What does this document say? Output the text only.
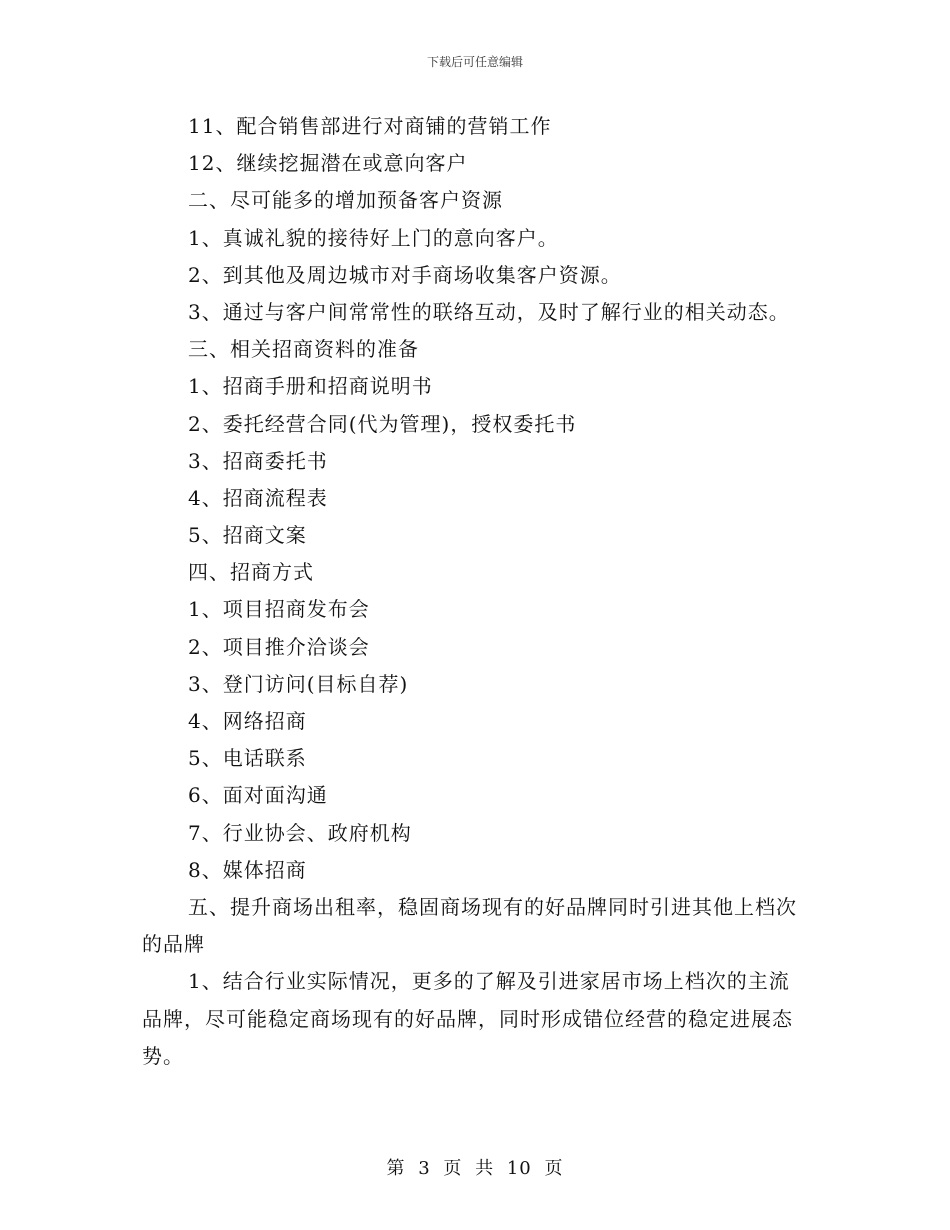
下载后可任意编辑
11、配合销售部进行对商铺的营销工作
12、继续挖掘潜在或意向客户
二、尽可能多的增加预备客户资源
1、真诚礼貌的接待好上门的意向客户。
2、到其他及周边城市对手商场收集客户资源。
3、通过与客户间常常性的联络互动，及时了解行业的相关动态。
三、相关招商资料的准备
1、招商手册和招商说明书
2、委托经营合同(代为管理)，授权委托书
3、招商委托书
4、招商流程表
5、招商文案
四、招商方式
1、项目招商发布会
2、项目推介洽谈会
3、登门访问(目标自荐)
4、网络招商
5、电话联系
6、面对面沟通
7、行业协会、政府机构
8、媒体招商

五、提升商场出租率，稳固商场现有的好品牌同时引进其他上档次的品牌

1、结合行业实际情况，更多的了解及引进家居市场上档次的主流品牌，尽可能稳定商场现有的好品牌，同时形成错位经营的稳定进展态势。

第 3 页 共 10 页
